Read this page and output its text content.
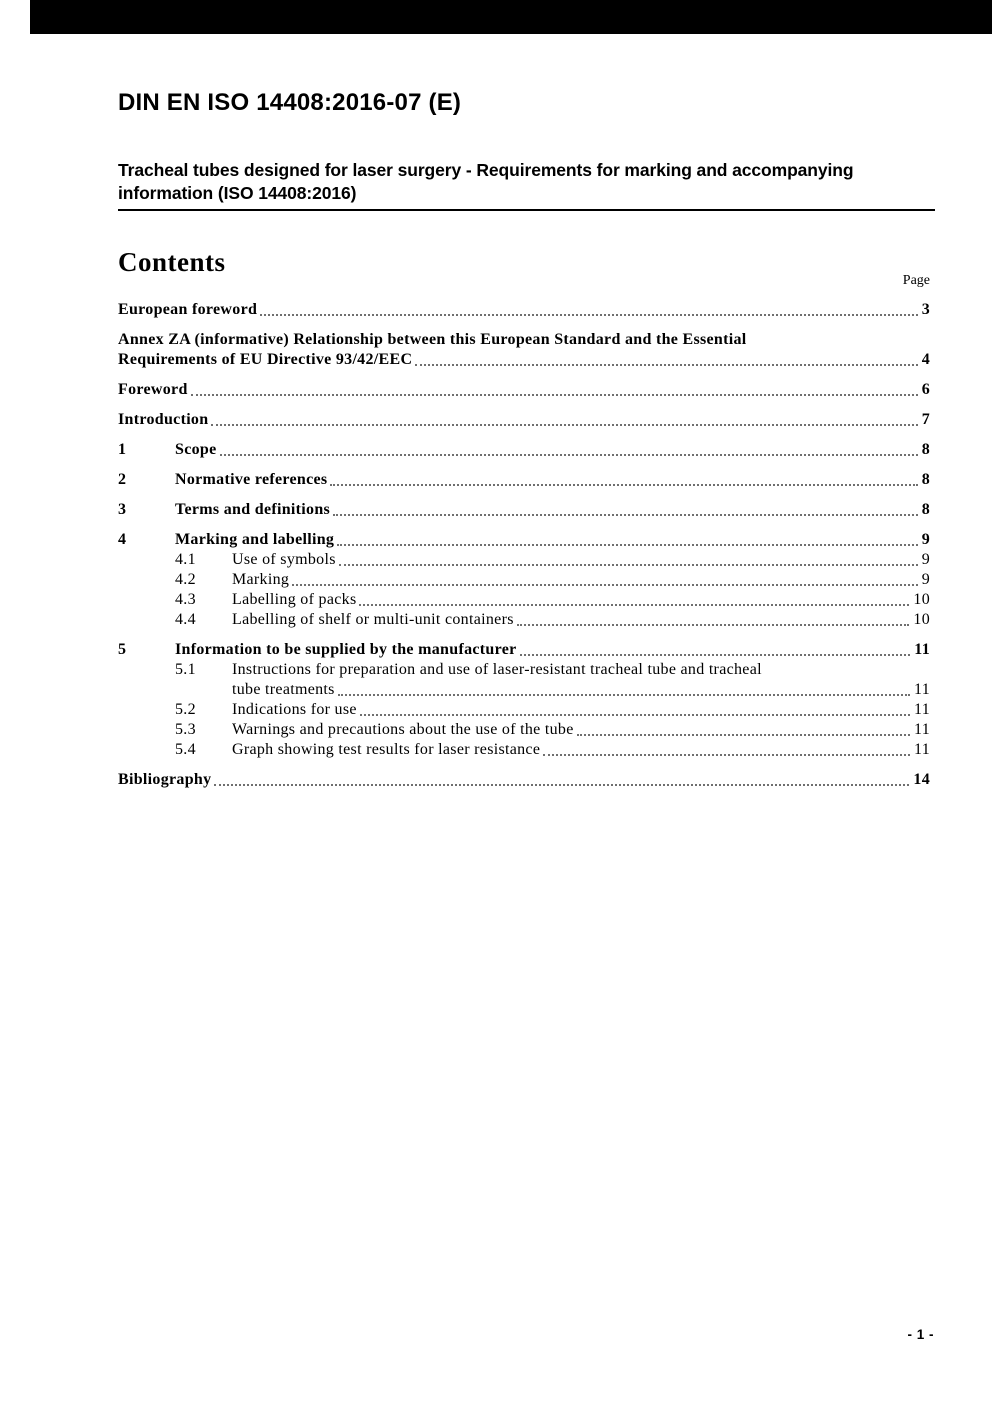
DIN EN ISO 14408:2016-07 (E)
Tracheal tubes designed for laser surgery - Requirements for marking and accompanying information (ISO 14408:2016)
Contents
Page
European foreword	3
Annex ZA (informative) Relationship between this European Standard and the Essential
Requirements of EU Directive 93/42/EEC	4
Foreword	6
Introduction	7
1	Scope	8
2	Normative references	8
3	Terms and definitions	8
4	Marking and labelling	9
4.1	Use of symbols	9
4.2	Marking	9
4.3	Labelling of packs	10
4.4	Labelling of shelf or multi-unit containers	10
5	Information to be supplied by the manufacturer	11
5.1	Instructions for preparation and use of laser-resistant tracheal tube and tracheal
tube treatments	11
5.2	Indications for use	11
5.3	Warnings and precautions about the use of the tube	11
5.4	Graph showing test results for laser resistance	11
Bibliography	14
- 1 -
